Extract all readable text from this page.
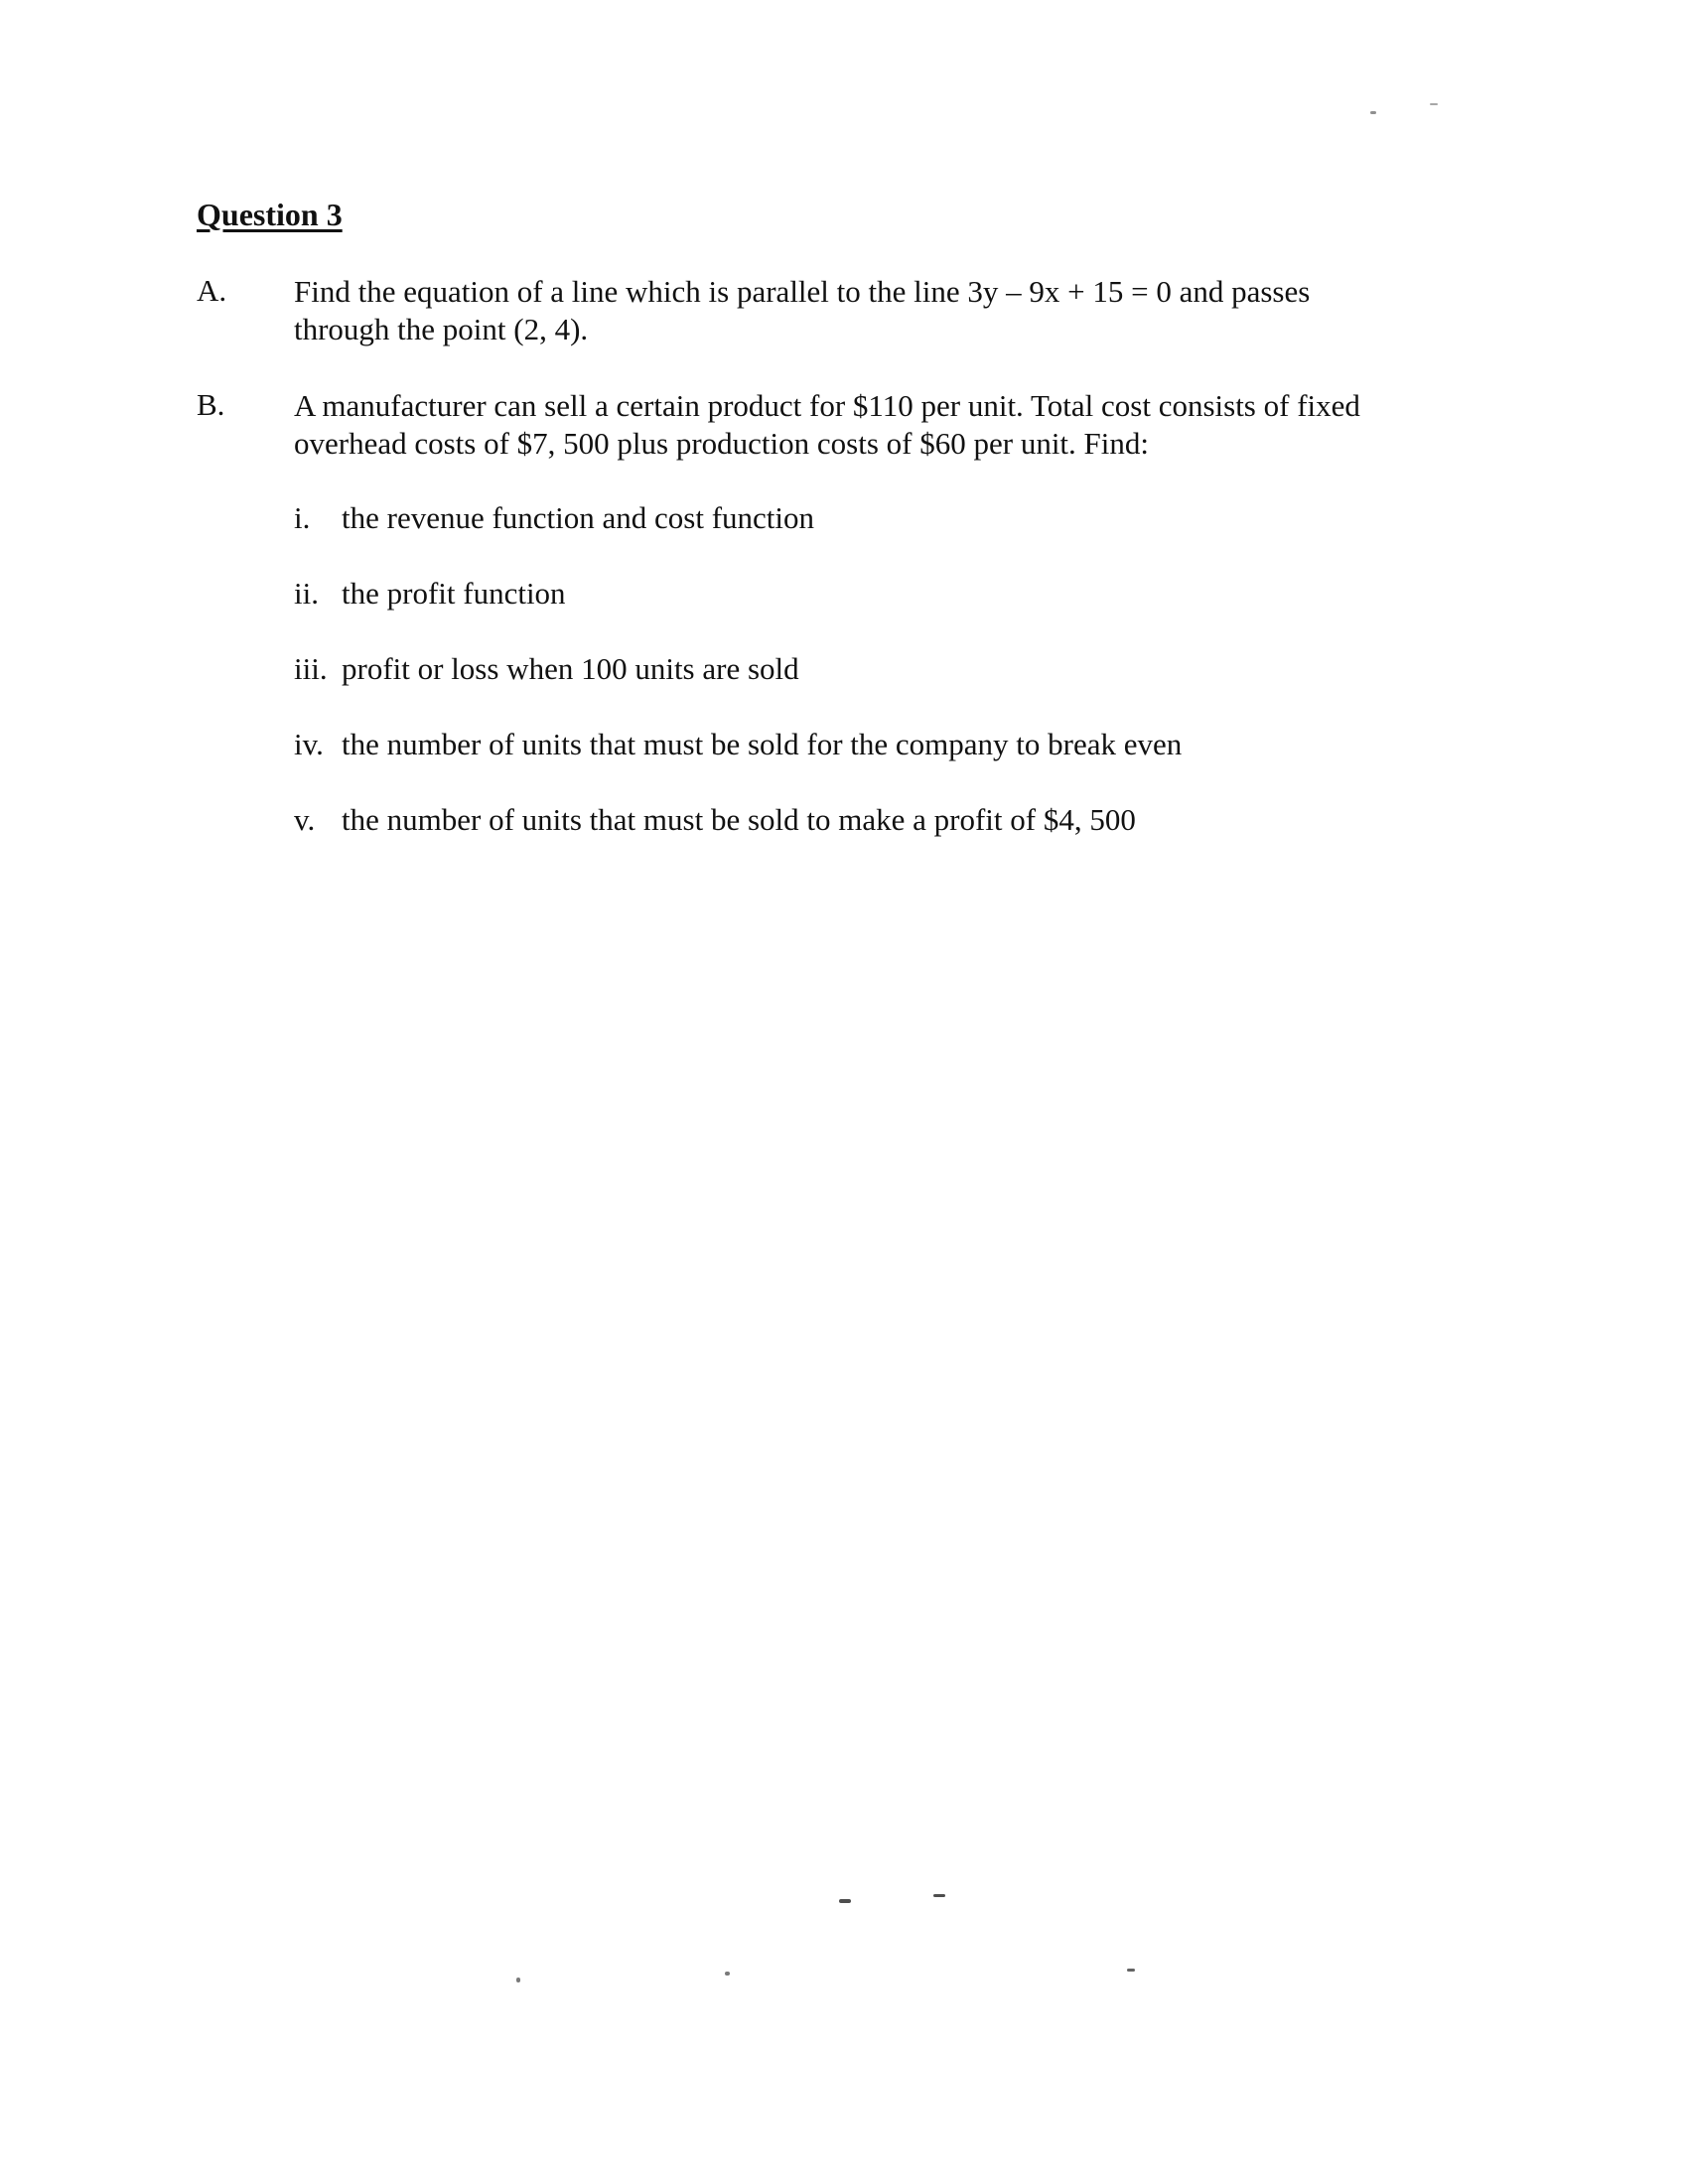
Question 3
A. Find the equation of a line which is parallel to the line 3y – 9x + 15 = 0 and passes

through the point (2, 4).

B. A manufacturer can sell a certain product for $110 per unit. Total cost consists of fixed

overhead costs of $7, 500 plus production costs of $60 per unit. Find:

i. the revenue function and cost function
ii. the profit function
iii. profit or loss when 100 units are sold
iv. the number of units that must be sold for the company to break even
v. the number of units that must be sold to make a profit of $4, 500
